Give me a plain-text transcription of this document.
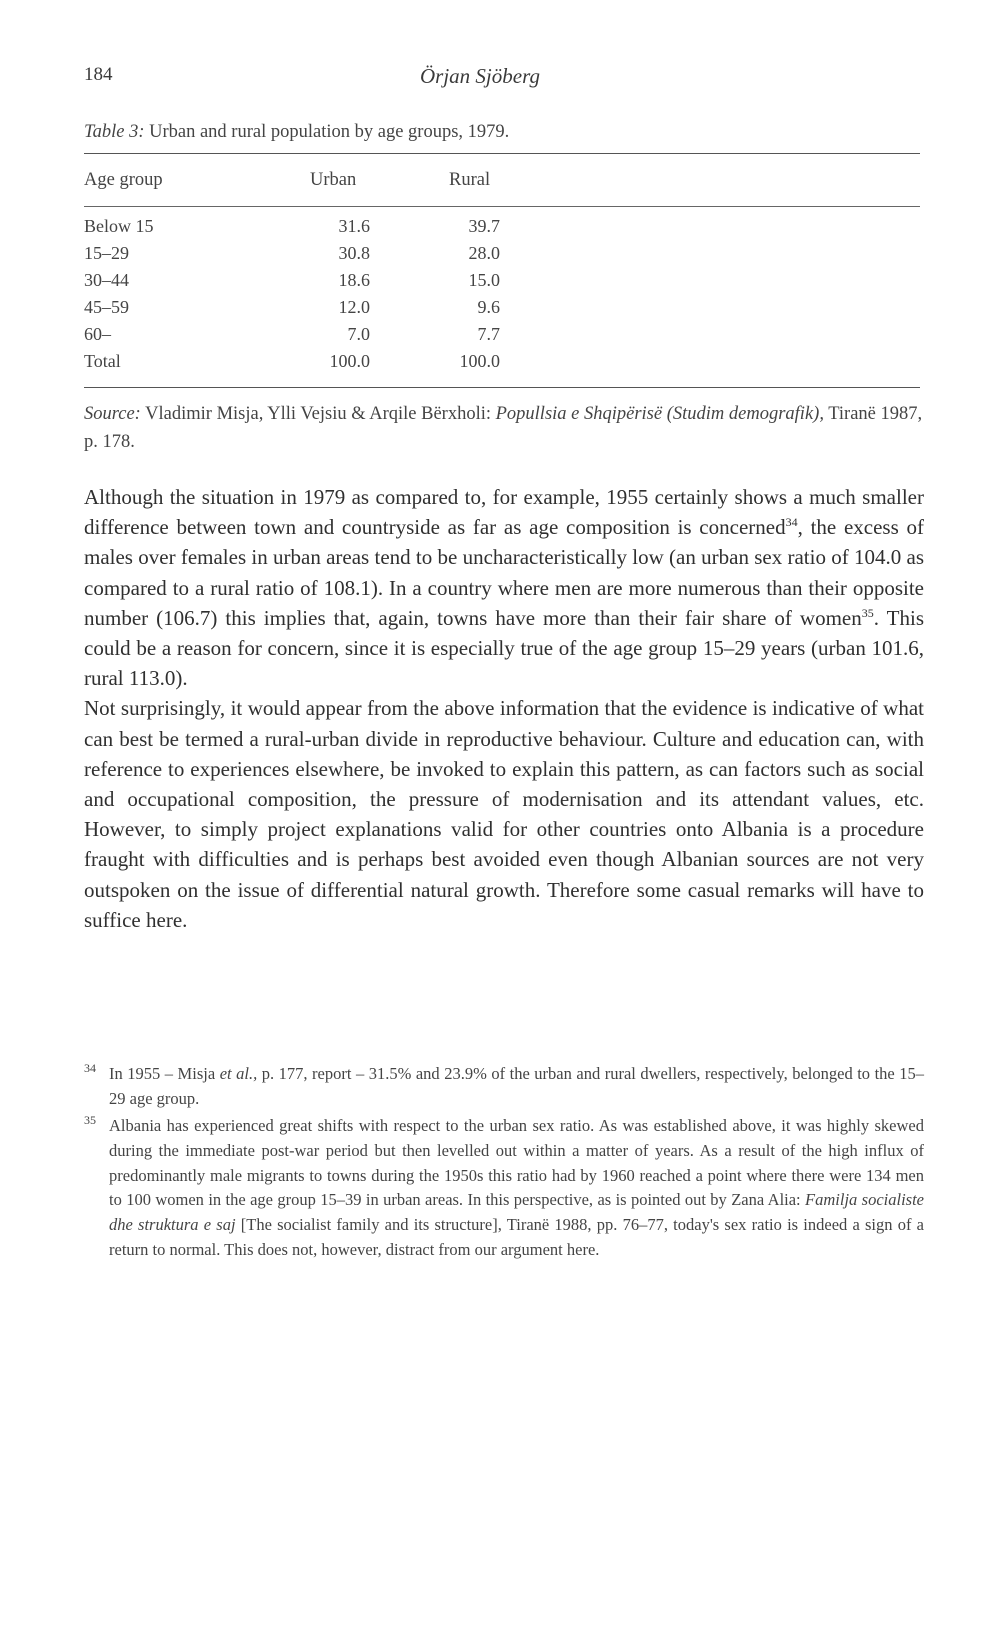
184	Örjan Sjöberg
Table 3: Urban and rural population by age groups, 1979.
Age group	Urban	Rural
Below 15	31.6	39.7
15–29	30.8	28.0
30–44	18.6	15.0
45–59	12.0	9.6
60–	7.0	7.7
Total	100.0	100.0
Source: Vladimir Misja, Ylli Vejsiu & Arqile Bërxholi: Popullsia e Shqipërisë (Studim demografik), Tiranë 1987, p. 178.

Although the situation in 1979 as compared to, for example, 1955 certainly shows a much smaller difference between town and countryside as far as age composition is concerned$^{34}$, the excess of males over females in urban areas tend to be uncharacteristically low (an urban sex ratio of 104.0 as compared to a rural ratio of 108.1). In a country where men are more numerous than their opposite number (106.7) this implies that, again, towns have more than their fair share of women$^{35}$. This could be a reason for concern, since it is especially true of the age group 15–29 years (urban 101.6, rural 113.0).

Not surprisingly, it would appear from the above information that the evidence is indicative of what can best be termed a rural-urban divide in reproductive behaviour. Culture and education can, with reference to experiences elsewhere, be invoked to explain this pattern, as can factors such as social and occupational composition, the pressure of modernisation and its attendant values, etc. However, to simply project explanations valid for other countries onto Albania is a procedure fraught with difficulties and is perhaps best avoided even though Albanian sources are not very outspoken on the issue of differential natural growth. Therefore some casual remarks will have to suffice here.

34 In 1955 – Misja et al., p. 177, report – 31.5% and 23.9% of the urban and rural dwellers, respectively, belonged to the 15–29 age group.
35 Albania has experienced great shifts with respect to the urban sex ratio. As was established above, it was highly skewed during the immediate post-war period but then levelled out within a matter of years. As a result of the high influx of predominantly male migrants to towns during the 1950s this ratio had by 1960 reached a point where there were 134 men to 100 women in the age group 15–39 in urban areas. In this perspective, as is pointed out by Zana Alia: Familja socialiste dhe struktura e saj [The socialist family and its structure], Tiranë 1988, pp. 76–77, today's sex ratio is indeed a sign of a return to normal. This does not, however, distract from our argument here.
